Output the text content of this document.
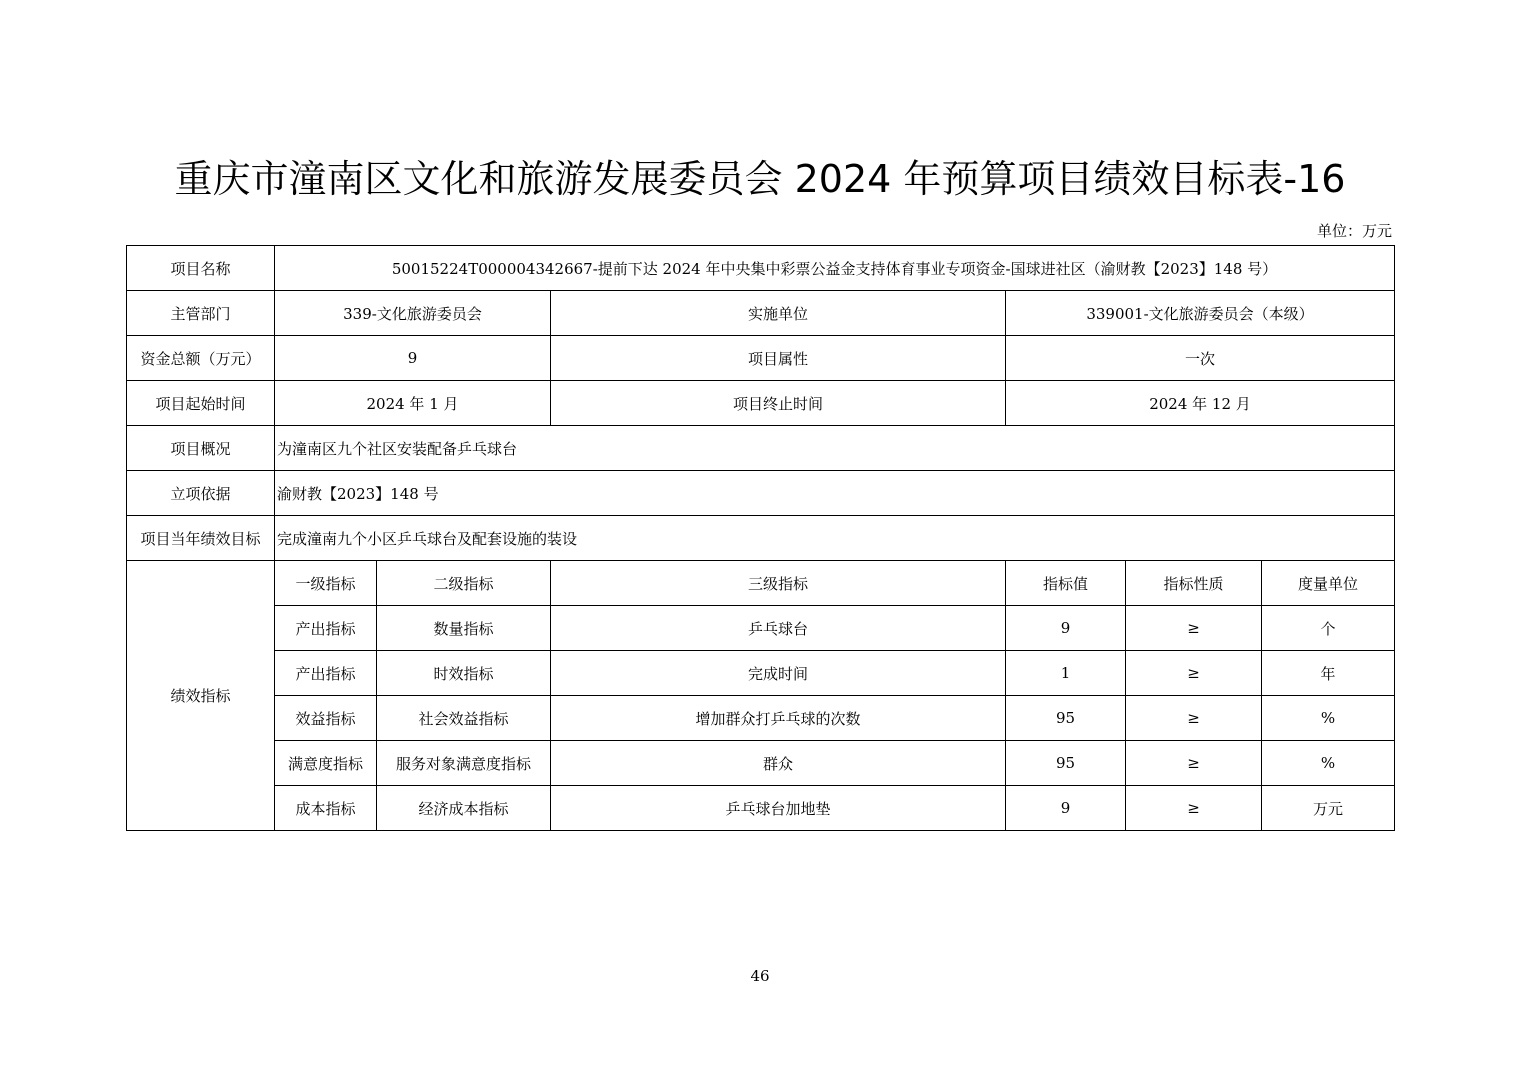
重庆市潼南区文化和旅游发展委员会 2024 年预算项目绩效目标表-16
单位：万元
项目名称	50015224T000004342667-提前下达 2024 年中央集中彩票公益金支持体育事业专项资金-国球进社区（渝财教【2023】148 号）						
主管部门	339-文化旅游委员会		实施单位	339001-文化旅游委员会（本级）			
资金总额（万元）	9		项目属性	一次			
项目起始时间	2024 年 1 月		项目终止时间	2024 年 12 月			
项目概况	为潼南区九个社区安装配备乒乓球台						
立项依据	渝财教【2023】148 号						
项目当年绩效目标	完成潼南九个小区乒乓球台及配套设施的装设						
绩效指标	一级指标	二级指标	三级指标	指标值	指标性质	度量单位	
	产出指标	数量指标	乒乓球台	9	≥	个	
	产出指标	时效指标	完成时间	1	≥	年	
	效益指标	社会效益指标	增加群众打乒乓球的次数	95	≥	%	
	满意度指标	服务对象满意度指标	群众	95	≥	%	
	成本指标	经济成本指标	乒乓球台加地垫	9	≥	万元	
46
